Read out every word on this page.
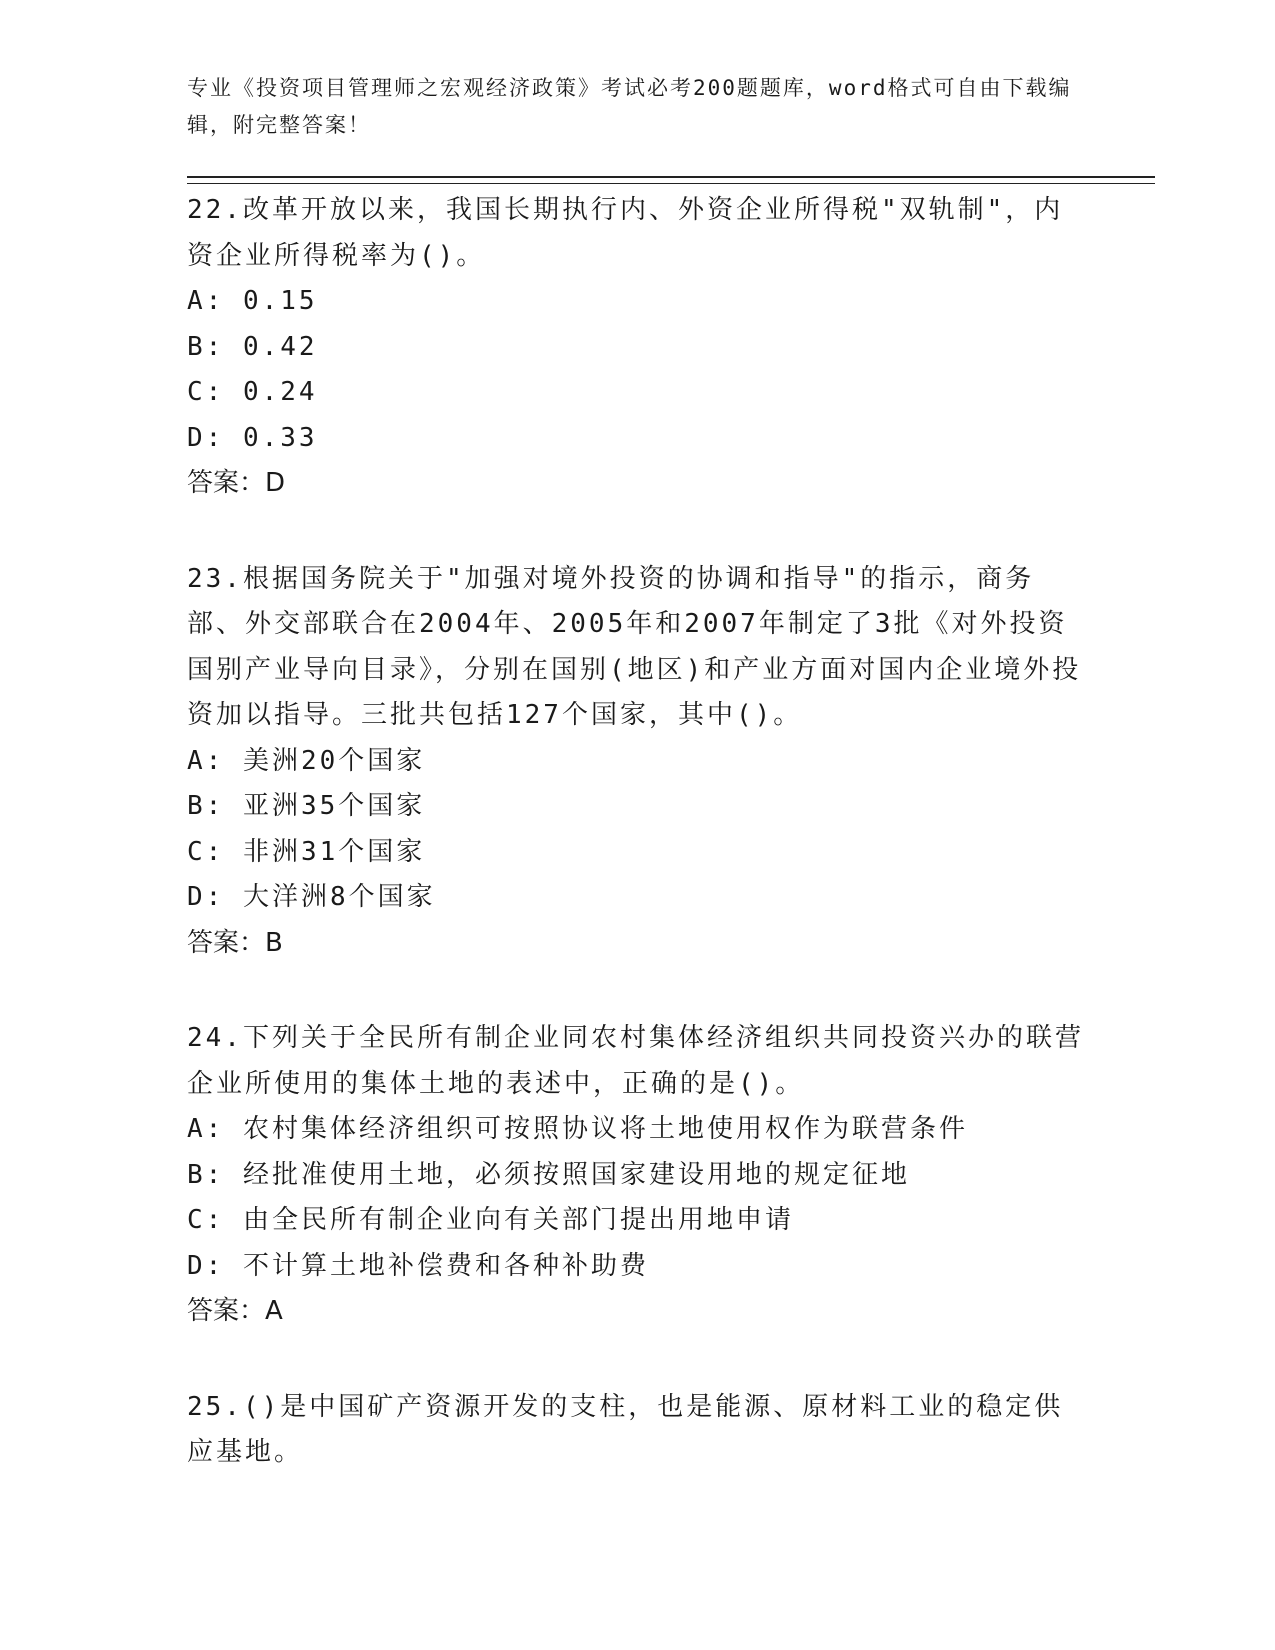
专业《投资项目管理师之宏观经济政策》考试必考200题题库，word格式可自由下载编辑，附完整答案！

22.改革开放以来，我国长期执行内、外资企业所得税"双轨制"，内资企业所得税率为()。

A: 0.15

B: 0.42

C: 0.24

D: 0.33

答案：D

23.根据国务院关于"加强对境外投资的协调和指导"的指示，商务部、外交部联合在2004年、2005年和2007年制定了3批《对外投资国别产业导向目录》，分别在国别(地区)和产业方面对国内企业境外投资加以指导。三批共包括127个国家，其中()。

A: 美洲20个国家

B: 亚洲35个国家

C: 非洲31个国家

D: 大洋洲8个国家

答案：B

24.下列关于全民所有制企业同农村集体经济组织共同投资兴办的联营企业所使用的集体土地的表述中，正确的是()。

A: 农村集体经济组织可按照协议将土地使用权作为联营条件

B: 经批准使用土地，必须按照国家建设用地的规定征地

C: 由全民所有制企业向有关部门提出用地申请

D: 不计算土地补偿费和各种补助费

答案：A

25.()是中国矿产资源开发的支柱，也是能源、原材料工业的稳定供应基地。
